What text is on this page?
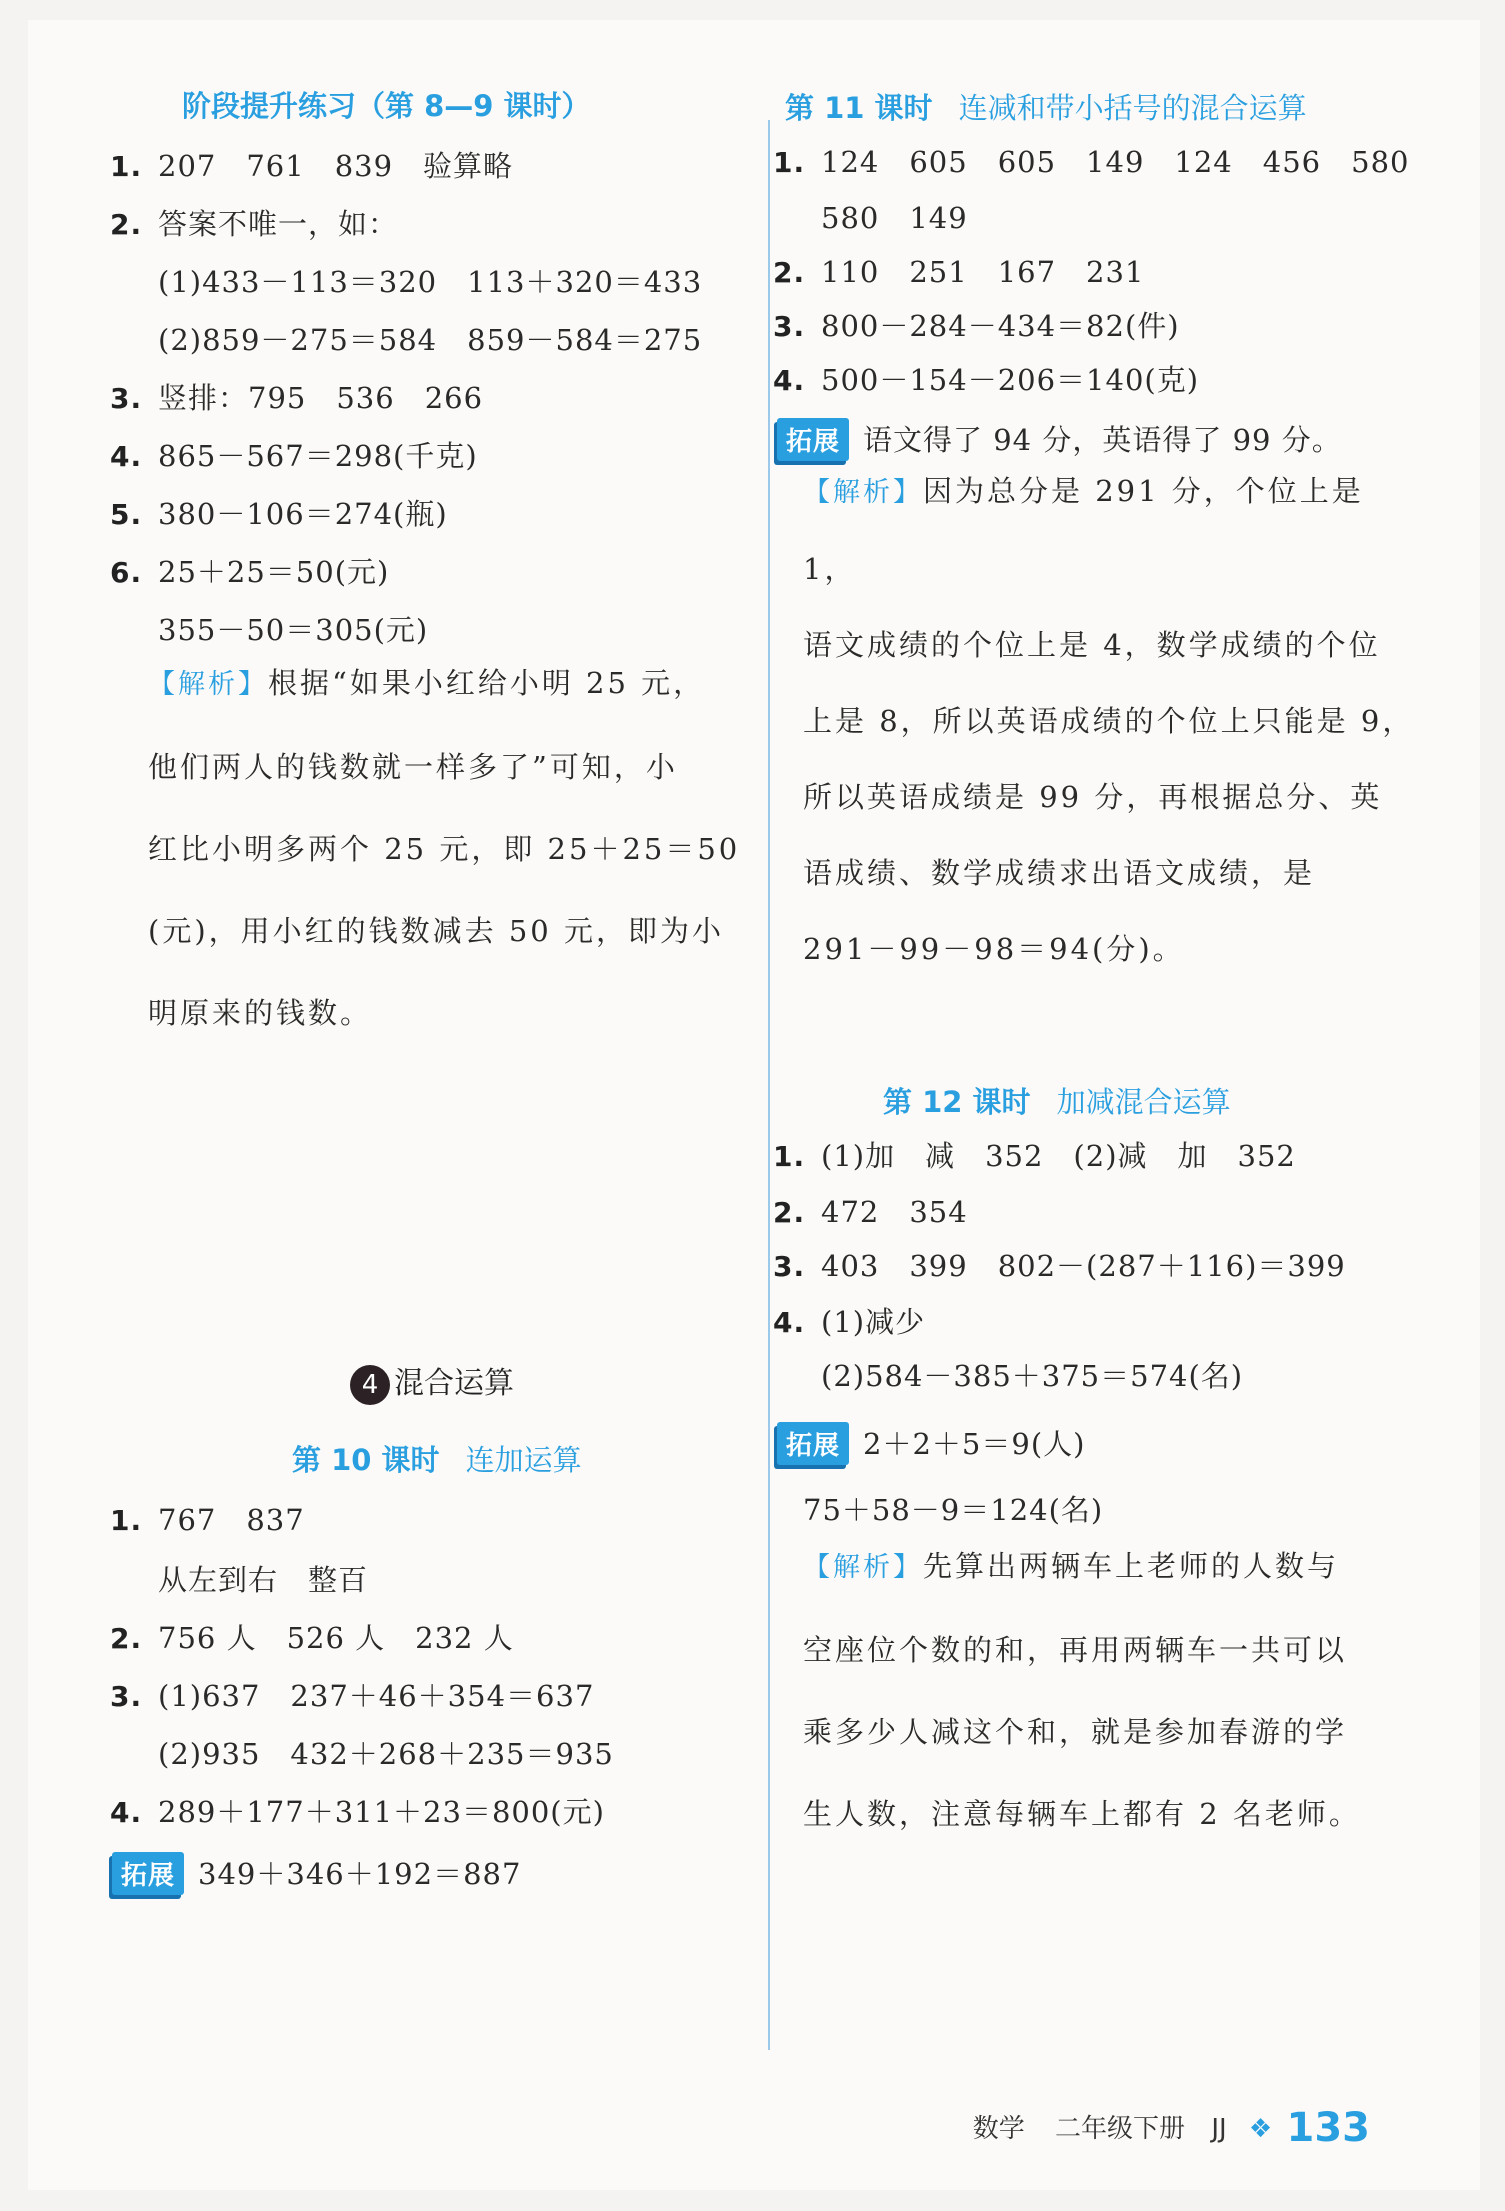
阶段提升练习（第 8—9 课时）
1. 207　761　839　验算略
2. 答案不唯一，如：
(1)433－113＝320　113＋320＝433
(2)859－275＝584　859－584＝275
3. 竖排：795　536　266
4. 865－567＝298(千克)
5. 380－106＝274(瓶)
6. 25＋25＝50(元)
355－50＝305(元)
【解析】根据“如果小红给小明 25 元，
他们两人的钱数就一样多了”可知，小
红比小明多两个 25 元，即 25＋25＝50
(元)，用小红的钱数减去 50 元，即为小
明原来的钱数。
4 混合运算
第 10 课时 连加运算
1. 767　837
从左到右　整百
2. 756 人　526 人　232 人
3. (1)637　237＋46＋354＝637
(2)935　432＋268＋235＝935
4. 289＋177＋311＋23＝800(元)
拓展 349＋346＋192＝887
第 11 课时 连减和带小括号的混合运算
1. 124　605　605　149　124　456　580
580　149
2. 110　251　167　231
3. 800－284－434＝82(件)
4. 500－154－206＝140(克)
拓展 语文得了 94 分，英语得了 99 分。
【解析】因为总分是 291 分，个位上是 1，
语文成绩的个位上是 4，数学成绩的个位
上是 8，所以英语成绩的个位上只能是 9，
所以英语成绩是 99 分，再根据总分、英
语成绩、数学成绩求出语文成绩，是
291－99－98＝94(分)。
第 12 课时 加减混合运算
1. (1)加　减　352　(2)减　加　352
2. 472　354
3. 403　399　802－(287＋116)＝399
4. (1)减少
(2)584－385＋375＝574(名)
拓展 2＋2＋5＝9(人)
75＋58－9＝124(名)
【解析】先算出两辆车上老师的人数与
空座位个数的和，再用两辆车一共可以
乘多少人减这个和，就是参加春游的学
生人数，注意每辆车上都有 2 名老师。
数学 二年级下册 JJ ❖ 133
